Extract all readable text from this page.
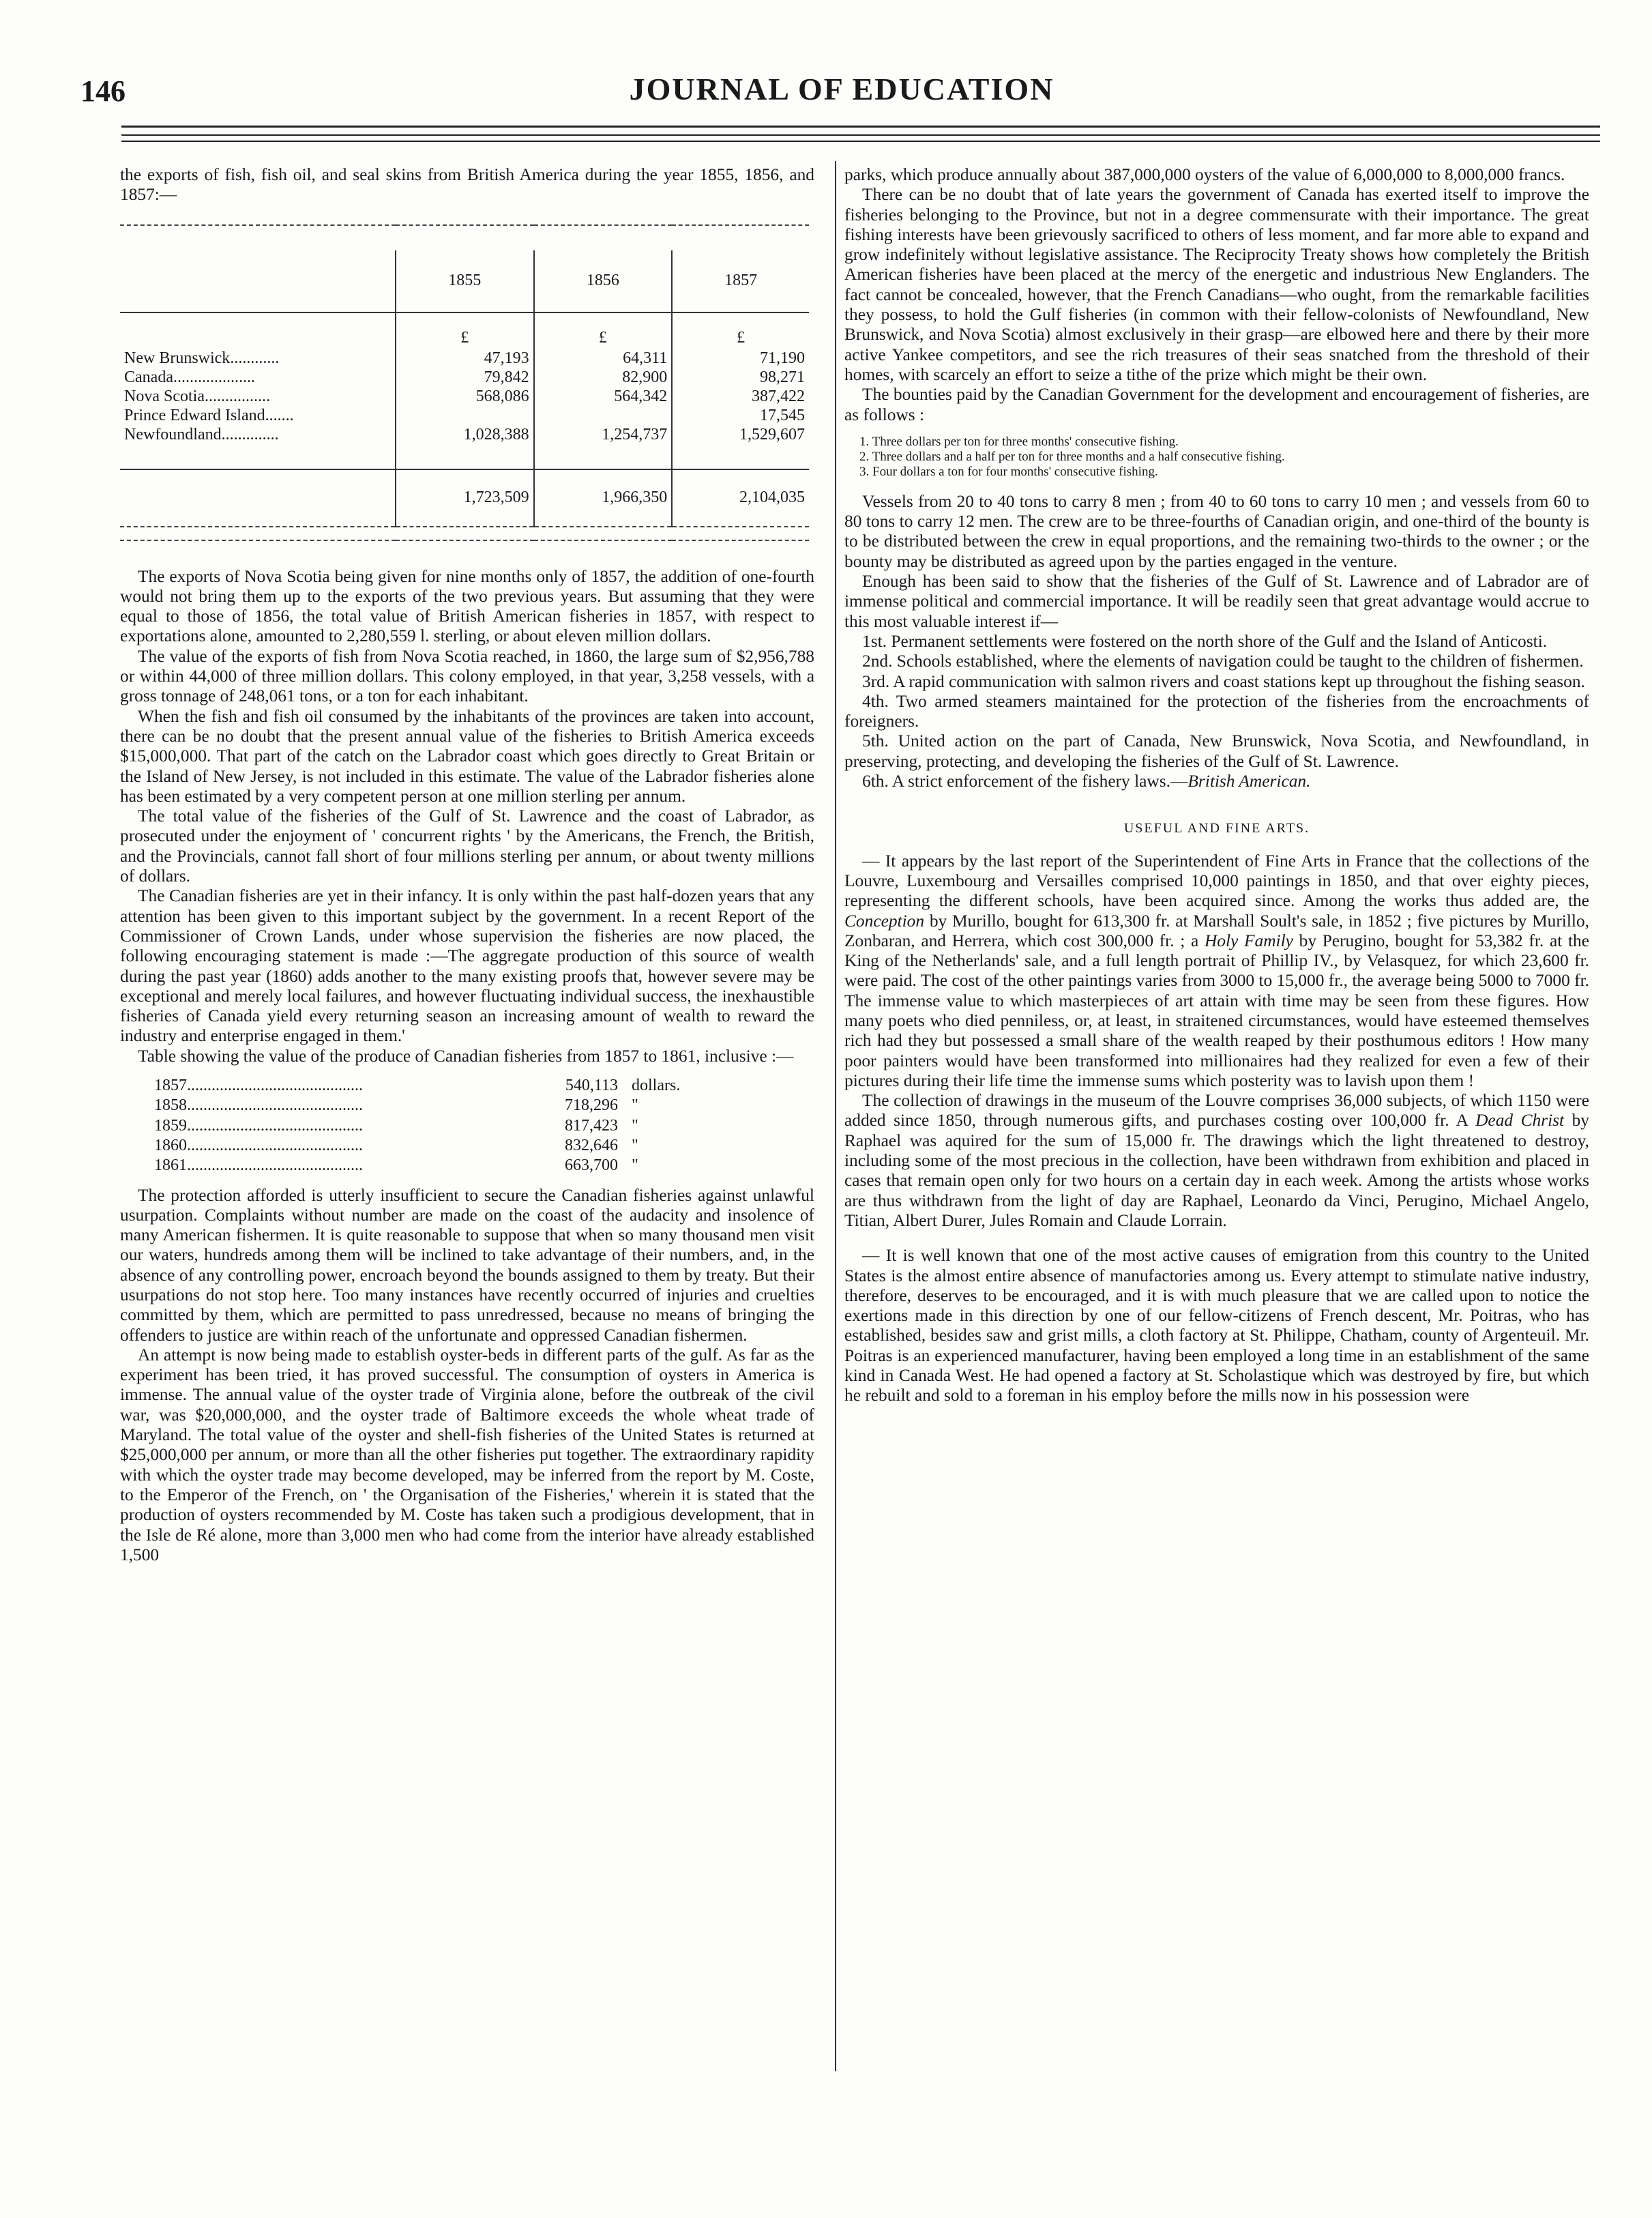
146	JOURNAL OF EDUCATION

the exports of fish, fish oil, and seal skins from British America during the year 1855, 1856, and 1857:—

	1855	1856	1857
	£	£	£
New Brunswick............	47,193	64,311	71,190
Canada....................	79,842	82,900	98,271
Nova Scotia................	568,086	564,342	387,422
Prince Edward Island.......			17,545
Newfoundland..............	1,028,388	1,254,737	1,529,607

	1,723,509	1,966,350	2,104,035

The exports of Nova Scotia being given for nine months only of 1857, the addition of one-fourth would not bring them up to the exports of the two previous years. But assuming that they were equal to those of 1856, the total value of British American fisheries in 1857, with respect to exportations alone, amounted to 2,280,559 l. sterling, or about eleven million dollars.

The value of the exports of fish from Nova Scotia reached, in 1860, the large sum of $2,956,788 or within 44,000 of three million dollars. This colony employed, in that year, 3,258 vessels, with a gross tonnage of 248,061 tons, or a ton for each inhabitant.

When the fish and fish oil consumed by the inhabitants of the provinces are taken into account, there can be no doubt that the present annual value of the fisheries to British America exceeds $15,000,000. That part of the catch on the Labrador coast which goes directly to Great Britain or the Island of New Jersey, is not included in this estimate. The value of the Labrador fisheries alone has been estimated by a very competent person at one million sterling per annum.

The total value of the fisheries of the Gulf of St. Lawrence and the coast of Labrador, as prosecuted under the enjoyment of ' concurrent rights ' by the Americans, the French, the British, and the Provincials, cannot fall short of four millions sterling per annum, or about twenty millions of dollars.

The Canadian fisheries are yet in their infancy. It is only within the past half-dozen years that any attention has been given to this important subject by the government. In a recent Report of the Commissioner of Crown Lands, under whose supervision the fisheries are now placed, the following encouraging statement is made :—The aggregate production of this source of wealth during the past year (1860) adds another to the many existing proofs that, however severe may be exceptional and merely local failures, and however fluctuating individual success, the inexhaustible fisheries of Canada yield every returning season an increasing amount of wealth to reward the industry and enterprise engaged in them.'

Table showing the value of the produce of Canadian fisheries from 1857 to 1861, inclusive :—

1857...........................................	540,113	dollars.
1858...........................................	718,296	"
1859...........................................	817,423	"
1860...........................................	832,646	"
1861...........................................	663,700	"

The protection afforded is utterly insufficient to secure the Canadian fisheries against unlawful usurpation. Complaints without number are made on the coast of the audacity and insolence of many American fishermen. It is quite reasonable to suppose that when so many thousand men visit our waters, hundreds among them will be inclined to take advantage of their numbers, and, in the absence of any controlling power, encroach beyond the bounds assigned to them by treaty. But their usurpations do not stop here. Too many instances have recently occurred of injuries and cruelties committed by them, which are permitted to pass unredressed, because no means of bringing the offenders to justice are within reach of the unfortunate and oppressed Canadian fishermen.

An attempt is now being made to establish oyster-beds in different parts of the gulf. As far as the experiment has been tried, it has proved successful. The consumption of oysters in America is immense. The annual value of the oyster trade of Virginia alone, before the outbreak of the civil war, was $20,000,000, and the oyster trade of Baltimore exceeds the whole wheat trade of Maryland. The total value of the oyster and shell-fish fisheries of the United States is returned at $25,000,000 per annum, or more than all the other fisheries put together. The extraordinary rapidity with which the oyster trade may become developed, may be inferred from the report by M. Coste, to the Emperor of the French, on ' the Organisation of the Fisheries,' wherein it is stated that the production of oysters recommended by M. Coste has taken such a prodigious development, that in the Isle de Ré alone, more than 3,000 men who had come from the interior have already established 1,500

parks, which produce annually about 387,000,000 oysters of the value of 6,000,000 to 8,000,000 francs.

There can be no doubt that of late years the government of Canada has exerted itself to improve the fisheries belonging to the Province, but not in a degree commensurate with their importance. The great fishing interests have been grievously sacrificed to others of less moment, and far more able to expand and grow indefinitely without legislative assistance. The Reciprocity Treaty shows how completely the British American fisheries have been placed at the mercy of the energetic and industrious New Englanders. The fact cannot be concealed, however, that the French Canadians—who ought, from the remarkable facilities they possess, to hold the Gulf fisheries (in common with their fellow-colonists of Newfoundland, New Brunswick, and Nova Scotia) almost exclusively in their grasp—are elbowed here and there by their more active Yankee competitors, and see the rich treasures of their seas snatched from the threshold of their homes, with scarcely an effort to seize a tithe of the prize which might be their own.

The bounties paid by the Canadian Government for the development and encouragement of fisheries, are as follows :

1. Three dollars per ton for three months' consecutive fishing.
2. Three dollars and a half per ton for three months and a half consecutive fishing.
3. Four dollars a ton for four months' consecutive fishing.

Vessels from 20 to 40 tons to carry 8 men ; from 40 to 60 tons to carry 10 men ; and vessels from 60 to 80 tons to carry 12 men. The crew are to be three-fourths of Canadian origin, and one-third of the bounty is to be distributed between the crew in equal proportions, and the remaining two-thirds to the owner ; or the bounty may be distributed as agreed upon by the parties engaged in the venture.

Enough has been said to show that the fisheries of the Gulf of St. Lawrence and of Labrador are of immense political and commercial importance. It will be readily seen that great advantage would accrue to this most valuable interest if—

1st. Permanent settlements were fostered on the north shore of the Gulf and the Island of Anticosti.

2nd. Schools established, where the elements of navigation could be taught to the children of fishermen.

3rd. A rapid communication with salmon rivers and coast stations kept up throughout the fishing season.

4th. Two armed steamers maintained for the protection of the fisheries from the encroachments of foreigners.

5th. United action on the part of Canada, New Brunswick, Nova Scotia, and Newfoundland, in preserving, protecting, and developing the fisheries of the Gulf of St. Lawrence.

6th. A strict enforcement of the fishery laws.—British American.

USEFUL AND FINE ARTS.

— It appears by the last report of the Superintendent of Fine Arts in France that the collections of the Louvre, Luxembourg and Versailles comprised 10,000 paintings in 1850, and that over eighty pieces, representing the different schools, have been acquired since. Among the works thus added are, the Conception by Murillo, bought for 613,300 fr. at Marshall Soult's sale, in 1852 ; five pictures by Murillo, Zonbaran, and Herrera, which cost 300,000 fr. ; a Holy Family by Perugino, bought for 53,382 fr. at the King of the Netherlands' sale, and a full length portrait of Phillip IV., by Velasquez, for which 23,600 fr. were paid. The cost of the other paintings varies from 3000 to 15,000 fr., the average being 5000 to 7000 fr. The immense value to which masterpieces of art attain with time may be seen from these figures. How many poets who died penniless, or, at least, in straitened circumstances, would have esteemed themselves rich had they but possessed a small share of the wealth reaped by their posthumous editors ! How many poor painters would have been transformed into millionaires had they realized for even a few of their pictures during their life time the immense sums which posterity was to lavish upon them !

The collection of drawings in the museum of the Louvre comprises 36,000 subjects, of which 1150 were added since 1850, through numerous gifts, and purchases costing over 100,000 fr. A Dead Christ by Raphael was aquired for the sum of 15,000 fr. The drawings which the light threatened to destroy, including some of the most precious in the collection, have been withdrawn from exhibition and placed in cases that remain open only for two hours on a certain day in each week. Among the artists whose works are thus withdrawn from the light of day are Raphael, Leonardo da Vinci, Perugino, Michael Angelo, Titian, Albert Durer, Jules Romain and Claude Lorrain.

— It is well known that one of the most active causes of emigration from this country to the United States is the almost entire absence of manufactories among us. Every attempt to stimulate native industry, therefore, deserves to be encouraged, and it is with much pleasure that we are called upon to notice the exertions made in this direction by one of our fellow-citizens of French descent, Mr. Poitras, who has established, besides saw and grist mills, a cloth factory at St. Philippe, Chatham, county of Argenteuil. Mr. Poitras is an experienced manufacturer, having been employed a long time in an establishment of the same kind in Canada West. He had opened a factory at St. Scholastique which was destroyed by fire, but which he rebuilt and sold to a foreman in his employ before the mills now in his possession were
